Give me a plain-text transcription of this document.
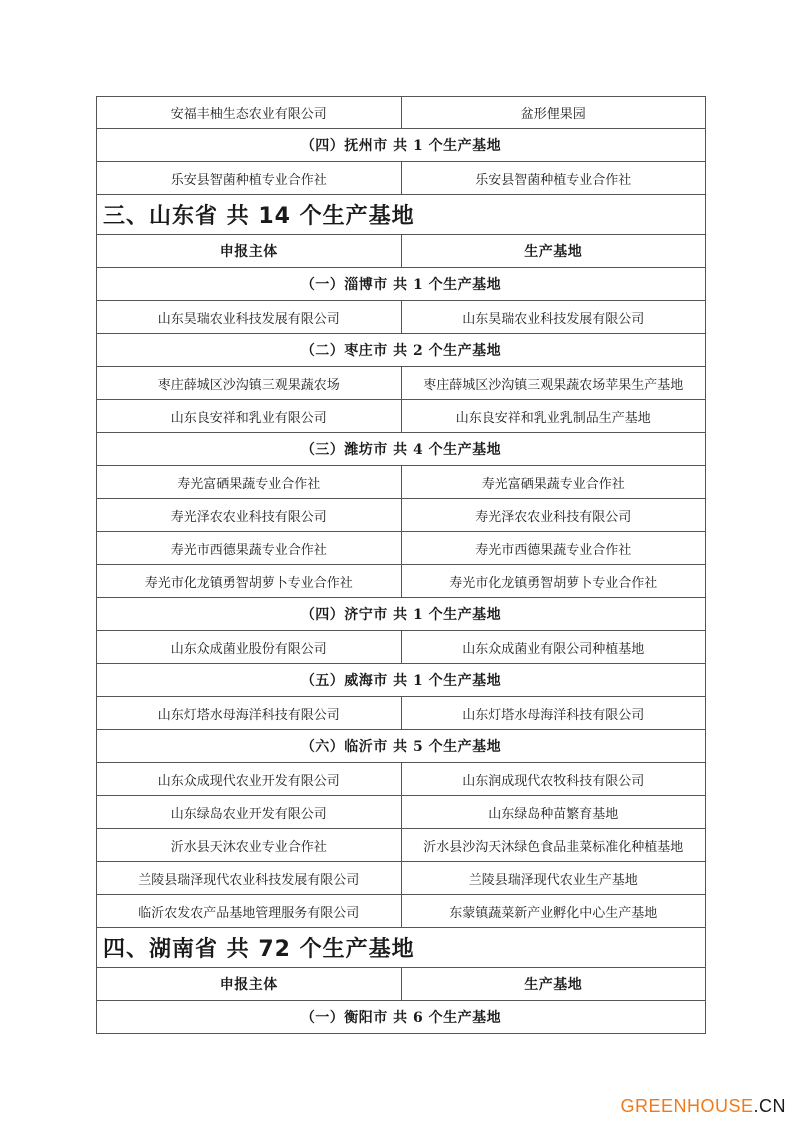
安福丰柚生态农业有限公司	盆形俚果园
（四）抚州市 共 1 个生产基地
乐安县智菌种植专业合作社	乐安县智菌种植专业合作社
三、山东省 共 14 个生产基地
申报主体	生产基地
（一）淄博市 共 1 个生产基地
山东昊瑞农业科技发展有限公司	山东昊瑞农业科技发展有限公司
（二）枣庄市 共 2 个生产基地
枣庄薛城区沙沟镇三观果蔬农场	枣庄薛城区沙沟镇三观果蔬农场苹果生产基地
山东良安祥和乳业有限公司	山东良安祥和乳业乳制品生产基地
（三）潍坊市 共 4 个生产基地
寿光富硒果蔬专业合作社	寿光富硒果蔬专业合作社
寿光泽农农业科技有限公司	寿光泽农农业科技有限公司
寿光市西德果蔬专业合作社	寿光市西德果蔬专业合作社
寿光市化龙镇勇智胡萝卜专业合作社	寿光市化龙镇勇智胡萝卜专业合作社
（四）济宁市 共 1 个生产基地
山东众成菌业股份有限公司	山东众成菌业有限公司种植基地
（五）威海市 共 1 个生产基地
山东灯塔水母海洋科技有限公司	山东灯塔水母海洋科技有限公司
（六）临沂市 共 5 个生产基地
山东众成现代农业开发有限公司	山东润成现代农牧科技有限公司
山东绿岛农业开发有限公司	山东绿岛种苗繁育基地
沂水县天沐农业专业合作社	沂水县沙沟天沐绿色食品韭菜标准化种植基地
兰陵县瑞泽现代农业科技发展有限公司	兰陵县瑞泽现代农业生产基地
临沂农发农产品基地管理服务有限公司	东蒙镇蔬菜新产业孵化中心生产基地
四、湖南省 共 72 个生产基地
申报主体	生产基地
（一）衡阳市 共 6 个生产基地
GREENHOUSE.CN
